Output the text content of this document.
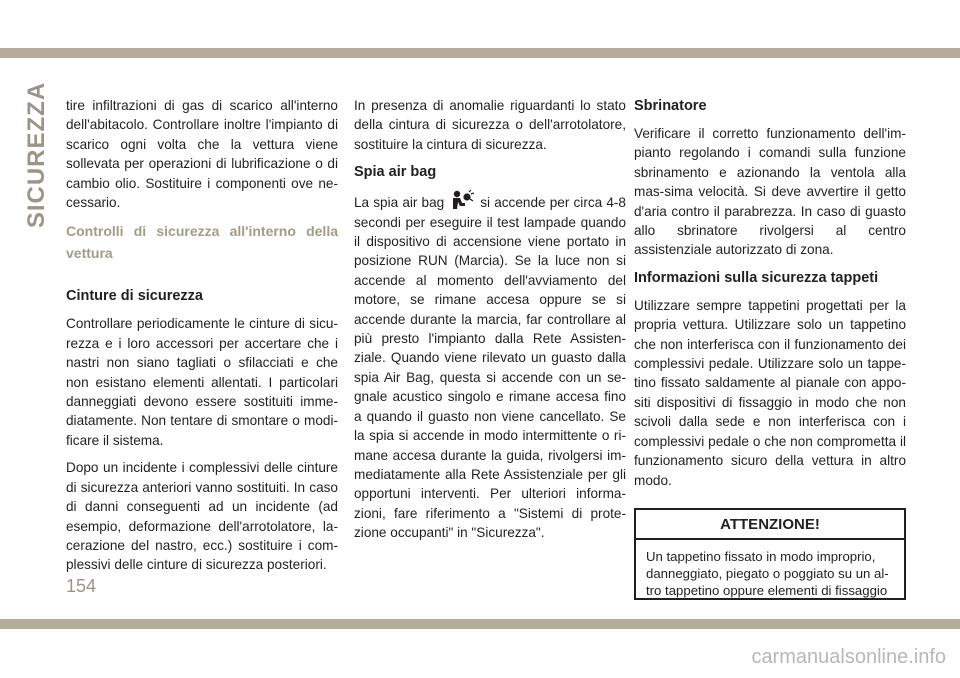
SICUREZZA tire infiltrazioni di gas di scarico all'interno dell'abitacolo. Controllare inoltre l'impianto di scarico ogni volta che la vettura viene sollevata per operazioni di lubrificazione o di cambio olio. Sostituire i componenti ove ne-cessario.

Controlli di sicurezza all'interno della vettura
Cinture di sicurezza

Controllare periodicamente le cinture di sicu-rezza e i loro accessori per accertare che i nastri non siano tagliati o sfilacciati e che non esistano elementi allentati. I particolari danneggiati devono essere sostituiti imme-diatamente. Non tentare di smontare o modi-ficare il sistema.

Dopo un incidente i complessivi delle cinture di sicurezza anteriori vanno sostituiti. In caso di danni conseguenti ad un incidente (ad esempio, deformazione dell'arrotolatore, la-cerazione del nastro, ecc.) sostituire i com-plessivi delle cinture di sicurezza posteriori.

In presenza di anomalie riguardanti lo stato della cintura di sicurezza o dell'arrotolatore, sostituire la cintura di sicurezza.

Spia air bag

La spia air bag	si accende per circa 4-8 secondi per eseguire il test lampade quando il dispositivo di accensione viene portato in posizione RUN (Marcia). Se la luce non si accende al momento dell'avviamento del motore, se rimane accesa oppure se si accende durante la marcia, far controllare al più presto l'impianto dalla Rete Assisten-ziale. Quando viene rilevato un guasto dalla spia Air Bag, questa si accende con un se-gnale acustico singolo e rimane accesa fino a quando il guasto non viene cancellato. Se la spia si accende in modo intermittente o ri-mane accesa durante la guida, rivolgersi im-mediatamente alla Rete Assistenziale per gli opportuni interventi. Per ulteriori informa-zioni, fare riferimento a "Sistemi di prote-zione occupanti" in "Sicurezza".

Sbrinatore

Verificare il corretto funzionamento dell'im-pianto regolando i comandi sulla funzione sbrinamento e azionando la ventola alla mas-sima velocità. Si deve avvertire il getto d'aria contro il parabrezza. In caso di guasto allo sbrinatore rivolgersi al centro assistenziale autorizzato di zona.

Informazioni sulla sicurezza tappeti

Utilizzare sempre tappetini progettati per la propria vettura. Utilizzare solo un tappetino che non interferisca con il funzionamento dei complessivi pedale. Utilizzare solo un tappe-tino fissato saldamente al pianale con appo-siti dispositivi di fissaggio in modo che non scivoli dalla sede e non interferisca con i complessivi pedale o che non comprometta il funzionamento sicuro della vettura in altro modo.

ATTENZIONE!
Un tappetino fissato in modo improprio, danneggiato, piegato o poggiato su un al-tro tappetino oppure elementi di fissaggio
154
carmanualsonline.info
